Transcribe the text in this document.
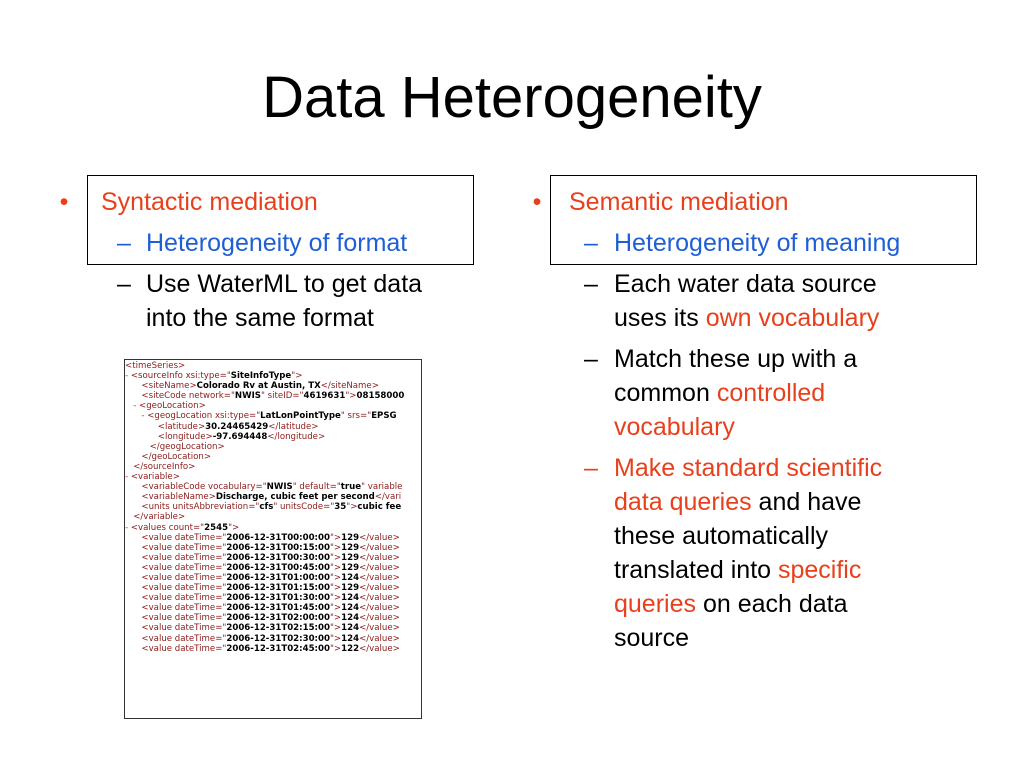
Data Heterogeneity
• Syntactic mediation
– Heterogeneity of format
– Use WaterML to get data
into the same format
<timeSeries>
- <sourceInfo xsi:type="SiteInfoType">
<siteName>Colorado Rv at Austin, TX</siteName>
<siteCode network="NWIS" siteID="4619631">08158000
- <geoLocation>
- <geogLocation xsi:type="LatLonPointType" srs="EPSG
<latitude>30.24465429</latitude>
<longitude>-97.694448</longitude>
</geogLocation>
</geoLocation>
</sourceInfo>
- <variable>
<variableCode vocabulary="NWIS" default="true" variable
<variableName>Discharge, cubic feet per second</vari
<units unitsAbbreviation="cfs" unitsCode="35">cubic fee
</variable>
- <values count="2545">
<value dateTime="2006-12-31T00:00:00">129</value>
<value dateTime="2006-12-31T00:15:00">129</value>
<value dateTime="2006-12-31T00:30:00">129</value>
<value dateTime="2006-12-31T00:45:00">129</value>
<value dateTime="2006-12-31T01:00:00">124</value>
<value dateTime="2006-12-31T01:15:00">129</value>
<value dateTime="2006-12-31T01:30:00">124</value>
<value dateTime="2006-12-31T01:45:00">124</value>
<value dateTime="2006-12-31T02:00:00">124</value>
<value dateTime="2006-12-31T02:15:00">124</value>
<value dateTime="2006-12-31T02:30:00">124</value>
<value dateTime="2006-12-31T02:45:00">122</value>
• Semantic mediation
– Heterogeneity of meaning
– Each water data source
uses its own vocabulary
– Match these up with a
common controlled
vocabulary
– Make standard scientific
data queries and have
these automatically
translated into specific
queries on each data
source
